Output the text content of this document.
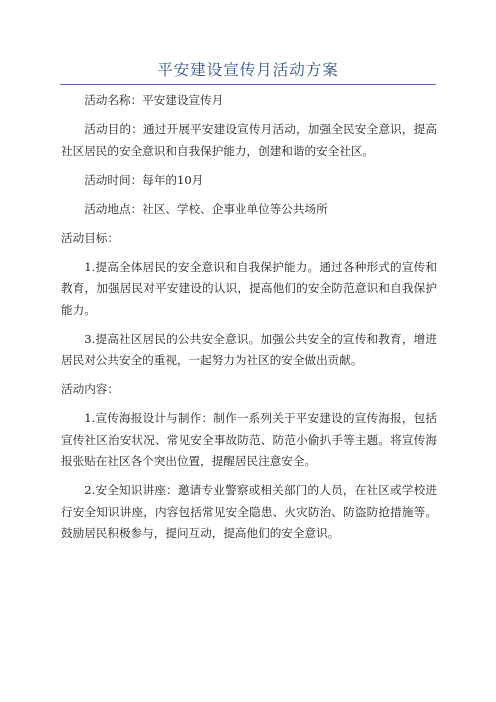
平安建设宣传月活动方案

活动名称：平安建设宣传月

活动目的：通过开展平安建设宣传月活动，加强全民安全意识，提高社区居民的安全意识和自我保护能力，创建和谐的安全社区。

活动时间：每年的10月

活动地点：社区、学校、企事业单位等公共场所

活动目标：

1.提高全体居民的安全意识和自我保护能力。通过各种形式的宣传和教育，加强居民对平安建设的认识，提高他们的安全防范意识和自我保护能力。

3.提高社区居民的公共安全意识。加强公共安全的宣传和教育，增进居民对公共安全的重视，一起努力为社区的安全做出贡献。

活动内容：

1.宣传海报设计与制作：制作一系列关于平安建设的宣传海报，包括宣传社区治安状况、常见安全事故防范、防范小偷扒手等主题。将宣传海报张贴在社区各个突出位置，提醒居民注意安全。

2.安全知识讲座：邀请专业警察或相关部门的人员，在社区或学校进行安全知识讲座，内容包括常见安全隐患、火灾防治、防盗防抢措施等。鼓励居民积极参与，提问互动，提高他们的安全意识。
